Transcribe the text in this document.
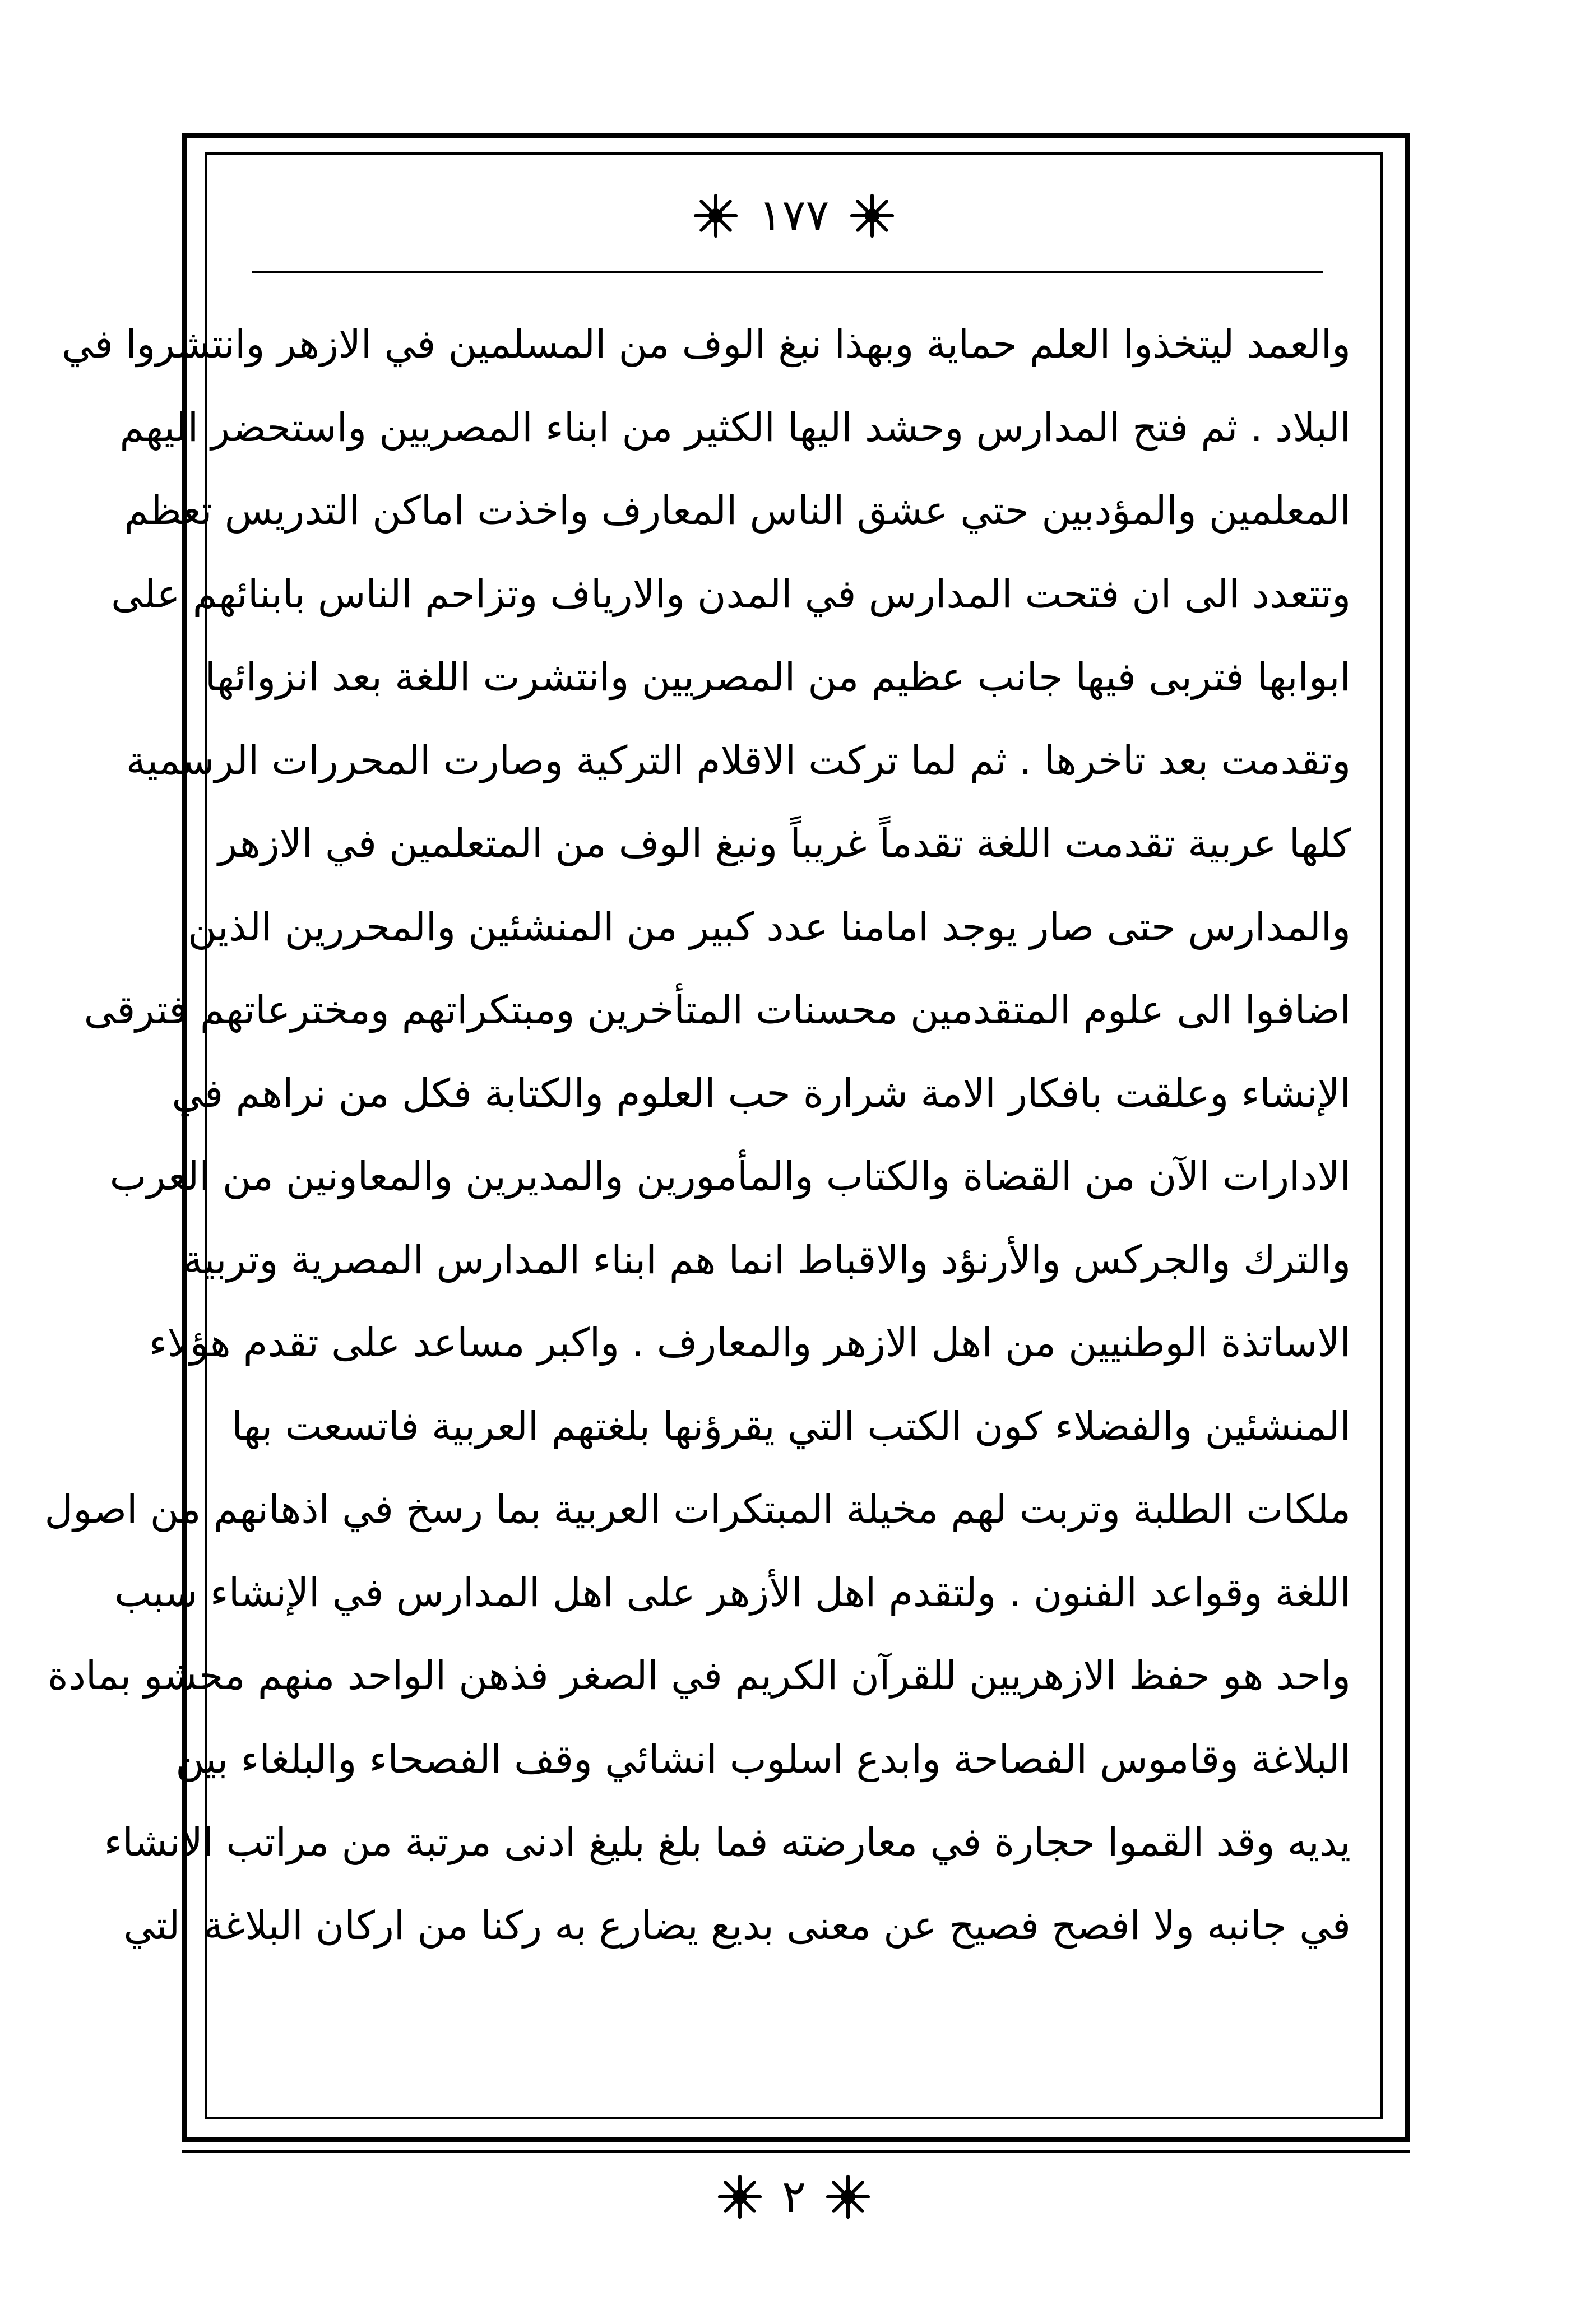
١٧٧
والعمد ليتخذوا العلم حماية وبهذا نبغ الوف من المسلمين في الازهر وانتشروا في
البلاد . ثم فتح المدارس وحشد اليها الكثير من ابناء المصريين واستحضر اليهم
المعلمين والمؤدبين حتي عشق الناس المعارف واخذت اماكن التدريس تعظم
وتتعدد الى ان فتحت المدارس في المدن والارياف وتزاحم الناس بابنائهم على
ابوابها فتربى فيها جانب عظيم من المصريين وانتشرت اللغة بعد انزوائها
وتقدمت بعد تاخرها . ثم لما تركت الاقلام التركية وصارت المحررات الرسمية
كلها عربية تقدمت اللغة تقدماً غريباً ونبغ الوف من المتعلمين في الازهر
والمدارس حتى صار يوجد امامنا عدد كبير من المنشئين والمحررين الذين
اضافوا الى علوم المتقدمين محسنات المتأخرين ومبتكراتهم ومخترعاتهم فترقى
الإنشاء وعلقت بافكار الامة شرارة حب العلوم والكتابة فكل من نراهم في
الادارات الآن من القضاة والكتاب والمأمورين والمديرين والمعاونين من العرب
والترك والجركس والأرنؤد والاقباط انما هم ابناء المدارس المصرية وتربية
الاساتذة الوطنيين من اهل الازهر والمعارف . واكبر مساعد على تقدم هؤلاء
المنشئين والفضلاء كون الكتب التي يقرؤنها بلغتهم العربية فاتسعت بها
ملكات الطلبة وتربت لهم مخيلة المبتكرات العربية بما رسخ في اذهانهم من اصول
اللغة وقواعد الفنون . ولتقدم اهل الأزهر على اهل المدارس في الإنشاء سبب
واحد هو حفظ الازهريين للقرآن الكريم في الصغر فذهن الواحد منهم محشو بمادة
البلاغة وقاموس الفصاحة وابدع اسلوب انشائي وقف الفصحاء والبلغاء بين
يديه وقد القموا حجارة في معارضته فما بلغ بليغ ادنى مرتبة من مراتب الانشاء
في جانبه ولا افصح فصيح عن معنى بديع يضارع به ركنا من اركان البلاغة التي
٢
